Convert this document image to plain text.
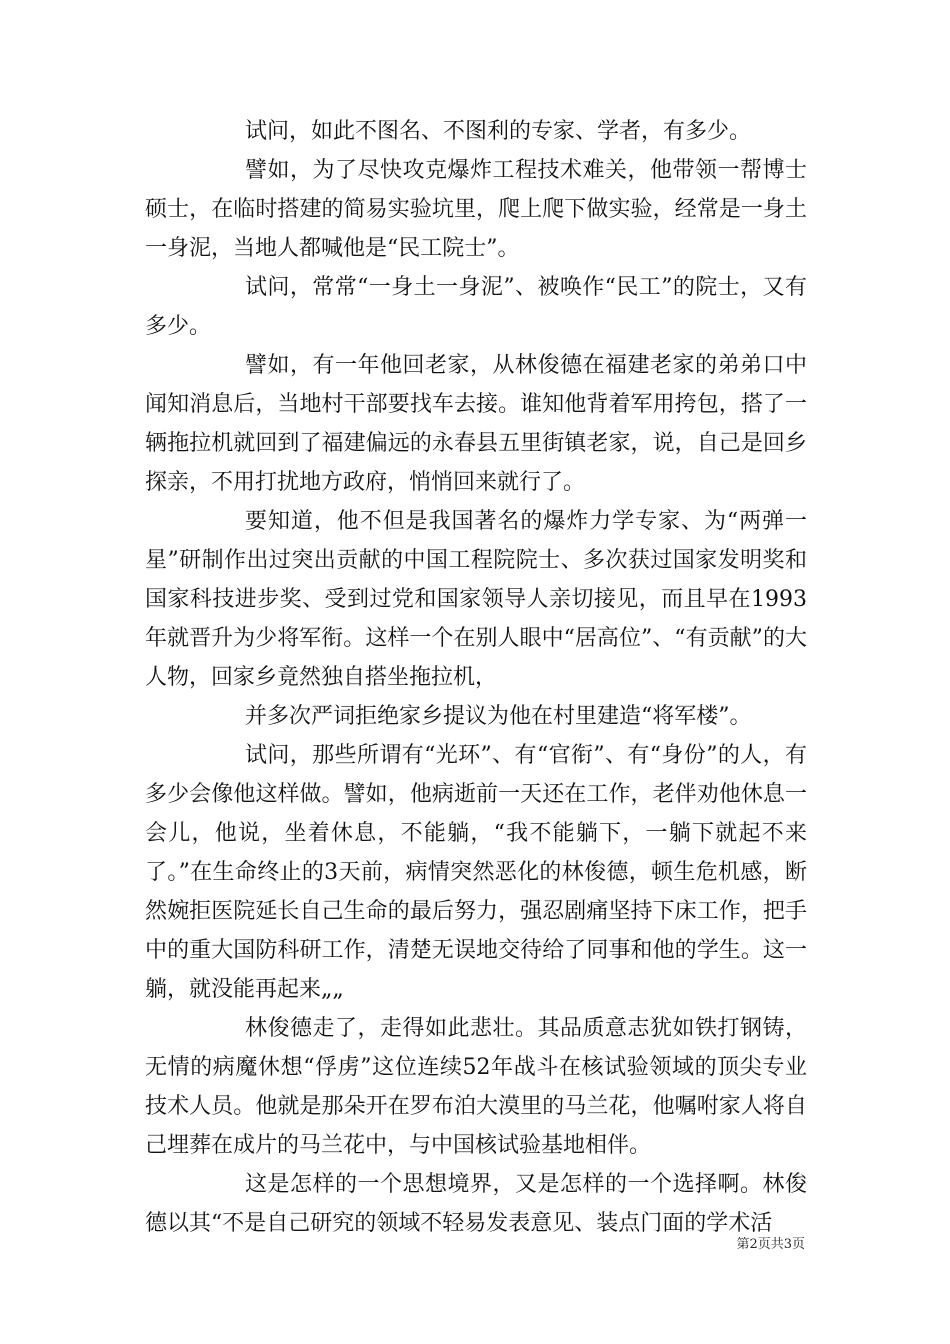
试问，如此不图名、不图利的专家、学者，有多少。

譬如，为了尽快攻克爆炸工程技术难关，他带领一帮博士硕士，在临时搭建的简易实验坑里，爬上爬下做实验，经常是一身土一身泥，当地人都喊他是“民工院士”。

试问，常常“一身土一身泥”、被唤作“民工”的院士，又有多少。

譬如，有一年他回老家，从林俊德在福建老家的弟弟口中闻知消息后，当地村干部要找车去接。谁知他背着军用挎包，搭了一辆拖拉机就回到了福建偏远的永春县五里街镇老家，说，自己是回乡探亲，不用打扰地方政府，悄悄回来就行了。

要知道，他不但是我国著名的爆炸力学专家、为“两弹一星”研制作出过突出贡献的中国工程院院士、多次获过国家发明奖和国家科技进步奖、受到过党和国家领导人亲切接见，而且早在1993年就晋升为少将军衔。这样一个在别人眼中“居高位”、“有贡献”的大人物，回家乡竟然独自搭坐拖拉机，

并多次严词拒绝家乡提议为他在村里建造“将军楼”。

试问，那些所谓有“光环”、有“官衔”、有“身份”的人，有多少会像他这样做。譬如，他病逝前一天还在工作，老伴劝他休息一会儿，他说，坐着休息，不能躺，“我不能躺下，一躺下就起不来了。”在生命终止的3天前，病情突然恶化的林俊德，顿生危机感，断然婉拒医院延长自己生命的最后努力，强忍剧痛坚持下床工作，把手中的重大国防科研工作，清楚无误地交待给了同事和他的学生。这一躺，就没能再起来„„

林俊德走了，走得如此悲壮。其品质意志犹如铁打钢铸，无情的病魔休想“俘虏”这位连续52年战斗在核试验领域的顶尖专业技术人员。他就是那朵开在罗布泊大漠里的马兰花，他嘱咐家人将自己埋葬在成片的马兰花中，与中国核试验基地相伴。

这是怎样的一个思想境界，又是怎样的一个选择啊。林俊德以其“不是自己研究的领域不轻易发表意见、装点门面的学术活

第2页共3页
